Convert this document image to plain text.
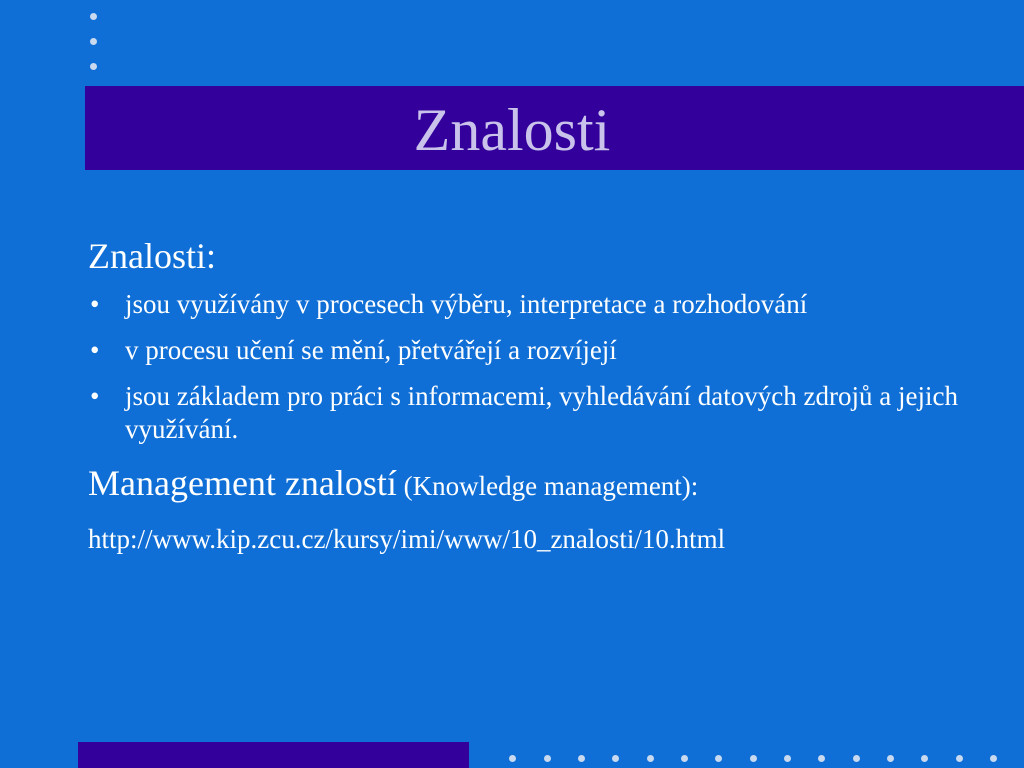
Znalosti
Znalosti:
• jsou využívány v procesech výběru, interpretace a rozhodování
• v procesu učení se mění, přetvářejí a rozvíjejí
• jsou základem pro práci s informacemi, vyhledávání datových zdrojů a jejich využívání.
Management znalostí (Knowledge management):
http://www.kip.zcu.cz/kursy/imi/www/10_znalosti/10.html
